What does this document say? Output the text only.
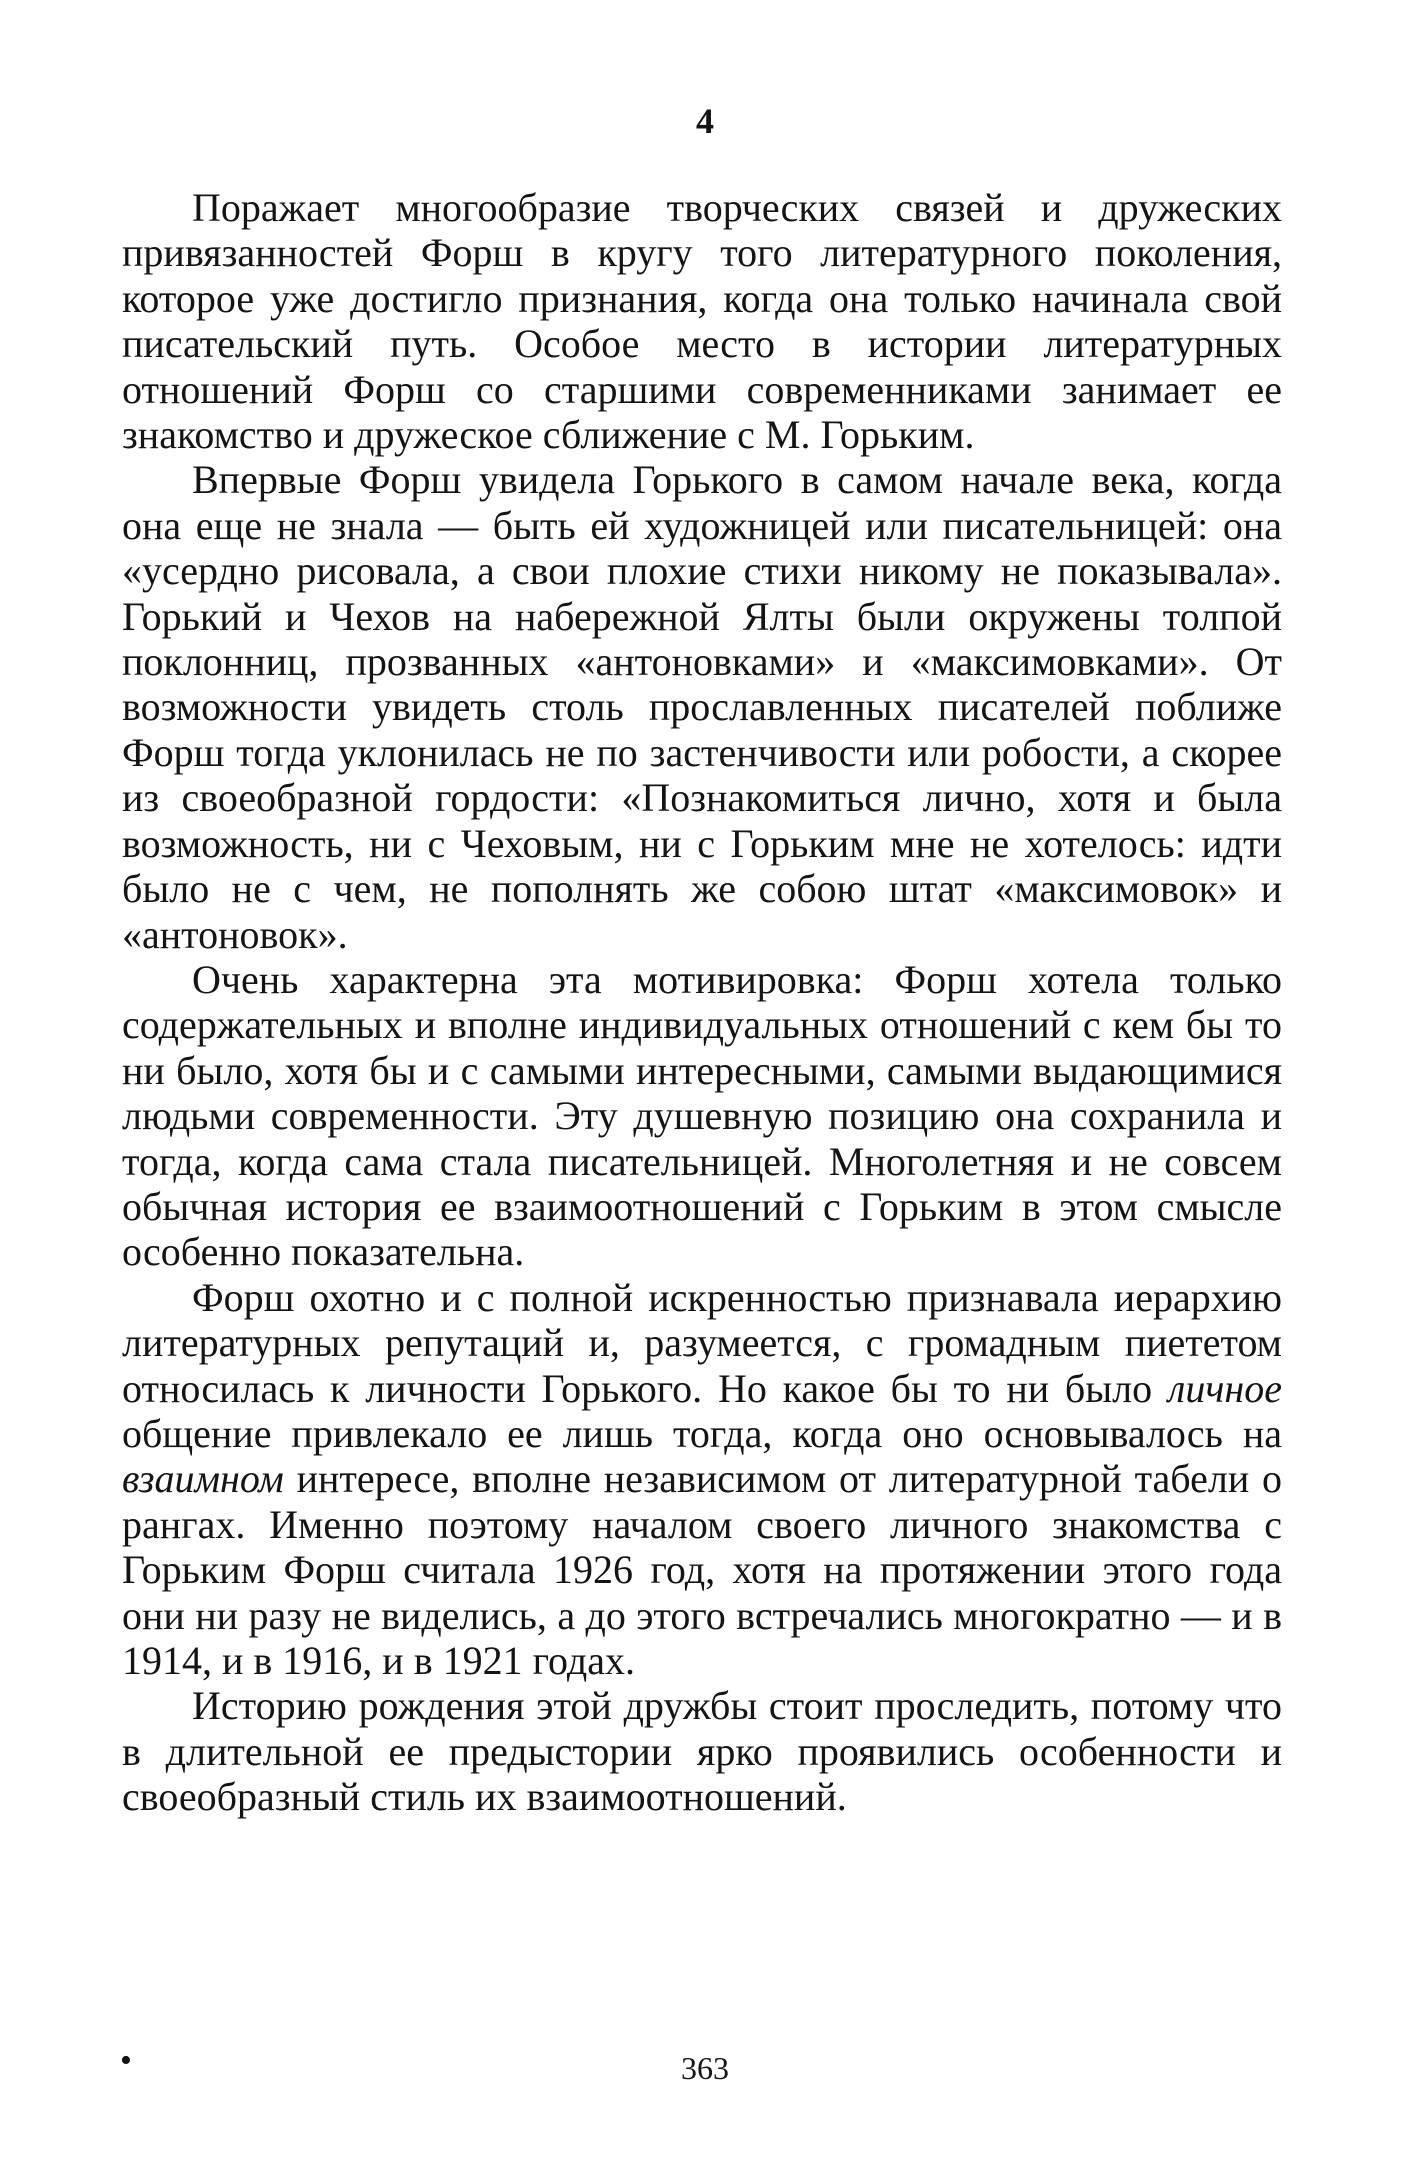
4

Поражает многообразие творческих связей и дружеских привязанностей Форш в кругу того литературного поколения, которое уже достигло признания, когда она только начинала свой писательский путь. Особое место в истории литературных отношений Форш со старшими современниками занимает ее знакомство и дружеское сближение с М. Горьким.

Впервые Форш увидела Горького в самом начале века, когда она еще не знала — быть ей художницей или писательницей: она «усердно рисовала, а свои плохие стихи никому не показывала». Горький и Чехов на набережной Ялты были окружены толпой поклонниц, прозванных «антоновками» и «максимовками». От возможности увидеть столь прославленных писателей поближе Форш тогда уклонилась не по застенчивости или робости, а скорее из своеобразной гордости: «Познакомиться лично, хотя и была возможность, ни с Чеховым, ни с Горьким мне не хотелось: идти было не с чем, не пополнять же собою штат «максимовок» и «антоновок».

Очень характерна эта мотивировка: Форш хотела только содержательных и вполне индивидуальных отношений с кем бы то ни было, хотя бы и с самыми интересными, самыми выдающимися людьми современности. Эту душевную позицию она сохранила и тогда, когда сама стала писательницей. Многолетняя и не совсем обычная история ее взаимоотношений с Горьким в этом смысле особенно показательна.

Форш охотно и с полной искренностью признавала иерархию литературных репутаций и, разумеется, с громадным пиететом относилась к личности Горького. Но какое бы то ни было личное общение привлекало ее лишь тогда, когда оно основывалось на взаимном интересе, вполне независимом от литературной табели о рангах. Именно поэтому началом своего личного знакомства с Горьким Форш считала 1926 год, хотя на протяжении этого года они ни разу не виделись, а до этого встречались многократно — и в 1914, и в 1916, и в 1921 годах.

Историю рождения этой дружбы стоит проследить, потому что в длительной ее предыстории ярко проявились особенности и своеобразный стиль их взаимоотношений.

•	363
